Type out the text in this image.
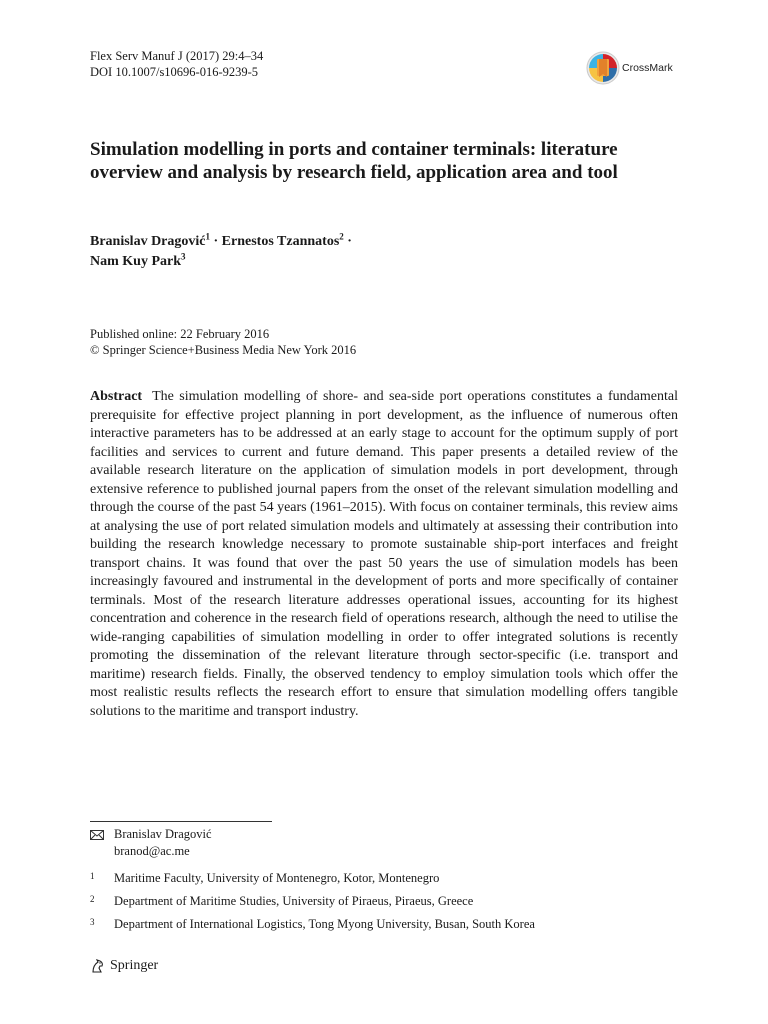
Flex Serv Manuf J (2017) 29:4–34
DOI 10.1007/s10696-016-9239-5	CrossMark
Simulation modelling in ports and container terminals: literature overview and analysis by research field, application area and tool
Branislav Dragović$^1$ · Ernestos Tzannatos$^2$ ·
Nam Kuy Park$^3$
Published online: 22 February 2016
© Springer Science+Business Media New York 2016
Abstract The simulation modelling of shore- and sea-side port operations constitutes a fundamental prerequisite for effective project planning in port development, as the influence of numerous often interactive parameters has to be addressed at an early stage to account for the optimum supply of port facilities and services to current and future demand. This paper presents a detailed review of the available research literature on the application of simulation models in port development, through extensive reference to published journal papers from the onset of the relevant simulation modelling and through the course of the past 54 years (1961–2015). With focus on container terminals, this review aims at analysing the use of port related simulation models and ultimately at assessing their contribution into building the research knowledge necessary to promote sustainable ship-port interfaces and freight transport chains. It was found that over the past 50 years the use of simulation models has been increasingly favoured and instrumental in the development of ports and more specifically of container terminals. Most of the research literature addresses operational issues, accounting for its highest concentration and coherence in the research field of operations research, although the need to utilise the wide-ranging capabilities of simulation modelling in order to offer integrated solutions is recently promoting the dissemination of the relevant literature through sector-specific (i.e. transport and maritime) research fields. Finally, the observed tendency to employ simulation tools which offer the most realistic results reflects the research effort to ensure that simulation modelling offers tangible solutions to the maritime and transport industry.
Branislav Dragović
branod@ac.me
1	Maritime Faculty, University of Montenegro, Kotor, Montenegro
2	Department of Maritime Studies, University of Piraeus, Piraeus, Greece
3	Department of International Logistics, Tong Myong University, Busan, South Korea
Springer
